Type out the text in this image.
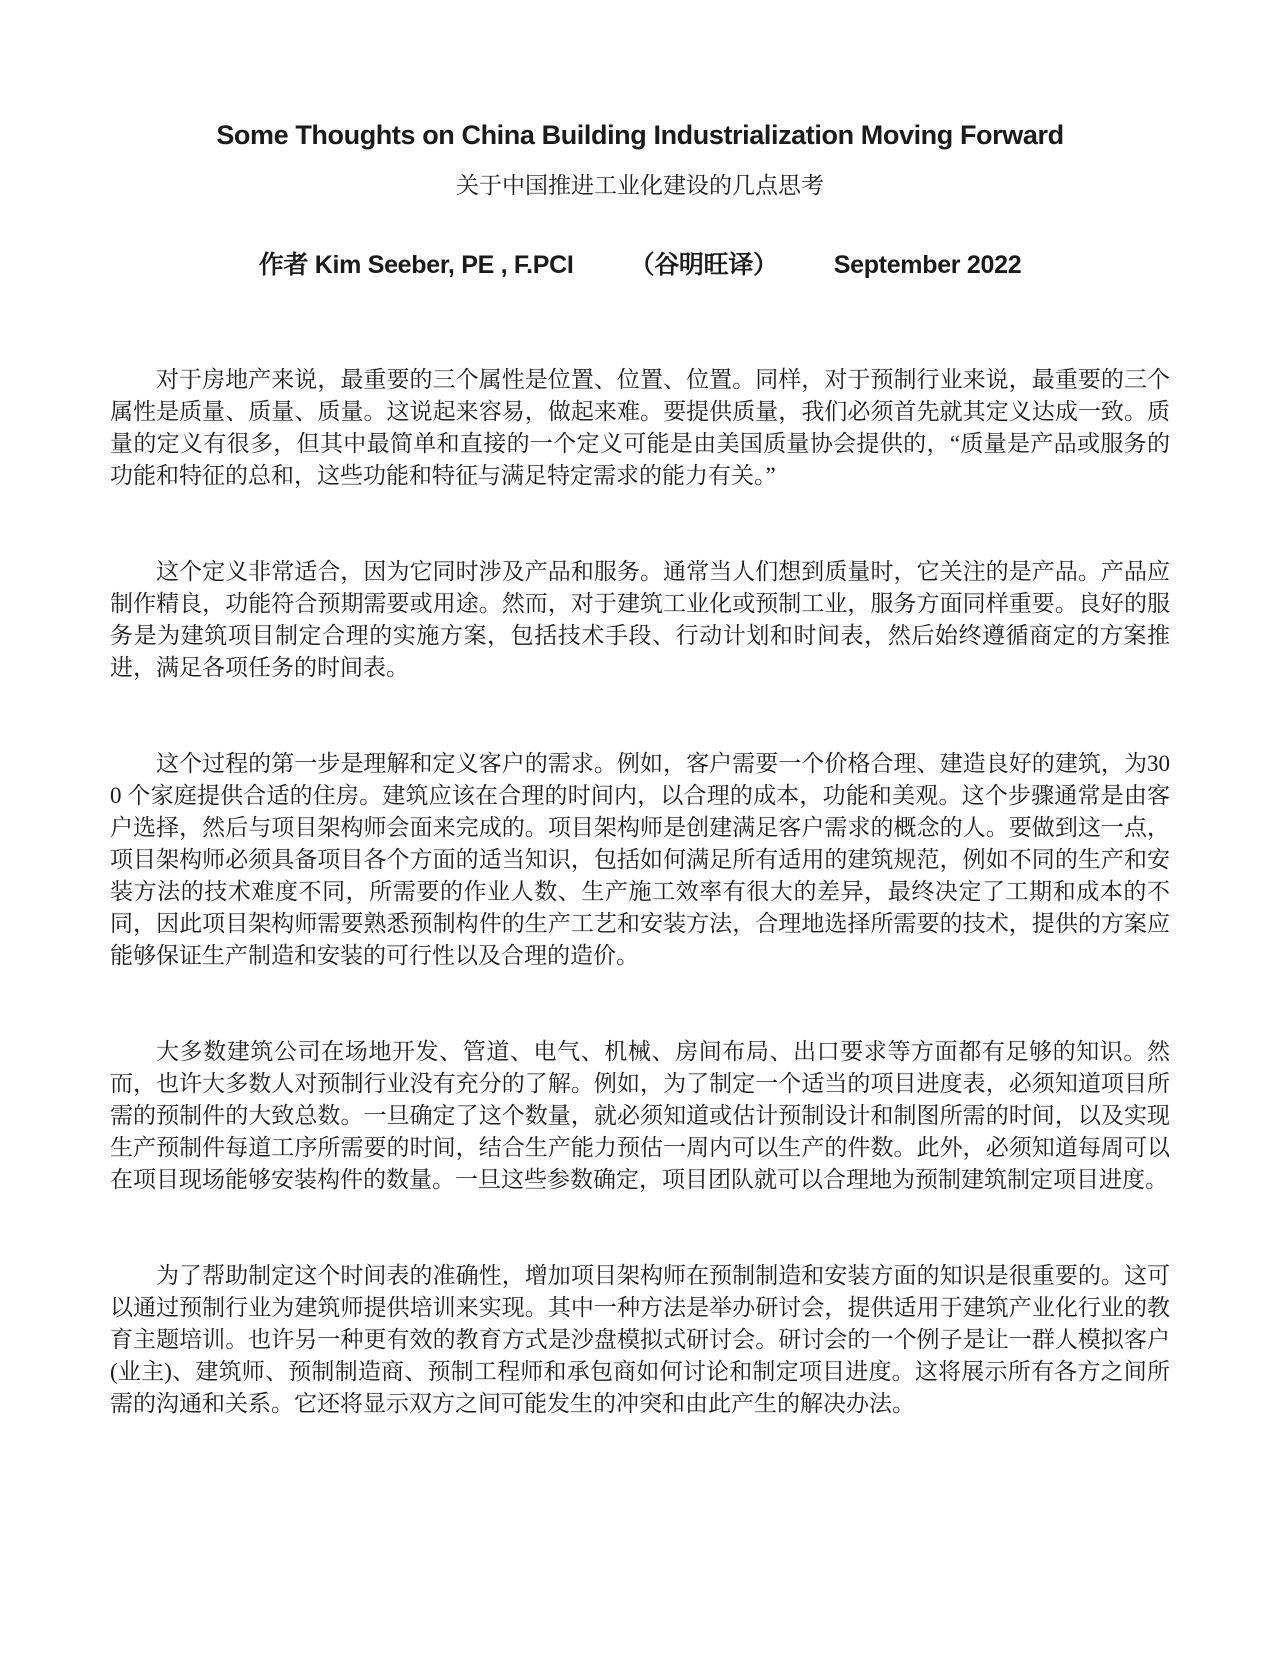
Some Thoughts on China Building Industrialization Moving Forward
关于中国推进工业化建设的几点思考
作者 Kim Seeber, PE , F.PCI （谷明旺译） September 2022

对于房地产来说，最重要的三个属性是位置、位置、位置。同样，对于预制行业来说，最重要的三个属性是质量、质量、质量。这说起来容易，做起来难。要提供质量，我们必须首先就其定义达成一致。质量的定义有很多，但其中最简单和直接的一个定义可能是由美国质量协会提供的，“质量是产品或服务的功能和特征的总和，这些功能和特征与满足特定需求的能力有关。”

这个定义非常适合，因为它同时涉及产品和服务。通常当人们想到质量时，它关注的是产品。产品应制作精良，功能符合预期需要或用途。然而，对于建筑工业化或预制工业，服务方面同样重要。良好的服务是为建筑项目制定合理的实施方案，包括技术手段、行动计划和时间表，然后始终遵循商定的方案推进，满足各项任务的时间表。

这个过程的第一步是理解和定义客户的需求。例如，客户需要一个价格合理、建造良好的建筑，为300 个家庭提供合适的住房。建筑应该在合理的时间内，以合理的成本，功能和美观。这个步骤通常是由客户选择，然后与项目架构师会面来完成的。项目架构师是创建满足客户需求的概念的人。要做到这一点，项目架构师必须具备项目各个方面的适当知识，包括如何满足所有适用的建筑规范，例如不同的生产和安装方法的技术难度不同，所需要的作业人数、生产施工效率有很大的差异，最终决定了工期和成本的不同，因此项目架构师需要熟悉预制构件的生产工艺和安装方法，合理地选择所需要的技术，提供的方案应能够保证生产制造和安装的可行性以及合理的造价。

大多数建筑公司在场地开发、管道、电气、机械、房间布局、出口要求等方面都有足够的知识。然而，也许大多数人对预制行业没有充分的了解。例如，为了制定一个适当的项目进度表，必须知道项目所需的预制件的大致总数。一旦确定了这个数量，就必须知道或估计预制设计和制图所需的时间，以及实现生产预制件每道工序所需要的时间，结合生产能力预估一周内可以生产的件数。此外，必须知道每周可以在项目现场能够安装构件的数量。一旦这些参数确定，项目团队就可以合理地为预制建筑制定项目进度。

为了帮助制定这个时间表的准确性，增加项目架构师在预制制造和安装方面的知识是很重要的。这可以通过预制行业为建筑师提供培训来实现。其中一种方法是举办研讨会，提供适用于建筑产业化行业的教育主题培训。也许另一种更有效的教育方式是沙盘模拟式研讨会。研讨会的一个例子是让一群人模拟客户(业主)、建筑师、预制制造商、预制工程师和承包商如何讨论和制定项目进度。这将展示所有各方之间所需的沟通和关系。它还将显示双方之间可能发生的冲突和由此产生的解决办法。
